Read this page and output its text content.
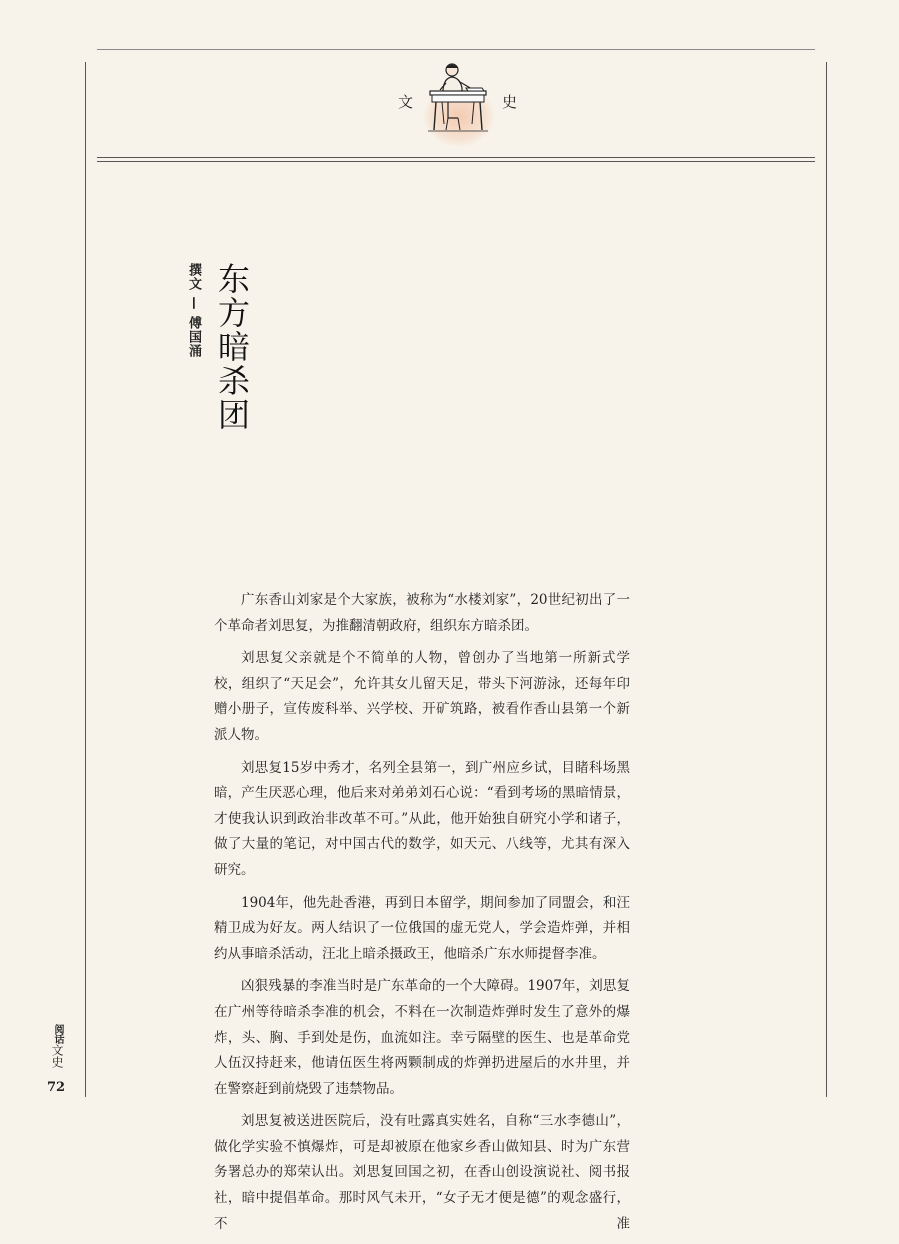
文	史
撰文 — 傅国涌 东方暗杀团

广东香山刘家是个大家族，被称为“水楼刘家”，20世纪初出了一个革命者刘思复，为推翻清朝政府，组织东方暗杀团。

刘思复父亲就是个不简单的人物，曾创办了当地第一所新式学校，组织了“天足会”，允许其女儿留天足，带头下河游泳，还每年印赠小册子，宣传废科举、兴学校、开矿筑路，被看作香山县第一个新派人物。

刘思复15岁中秀才，名列全县第一，到广州应乡试，目睹科场黑暗，产生厌恶心理，他后来对弟弟刘石心说：“看到考场的黑暗情景，才使我认识到政治非改革不可。”从此，他开始独自研究小学和诸子，做了大量的笔记，对中国古代的数学，如天元、八线等，尤其有深入研究。

1904年，他先赴香港，再到日本留学，期间参加了同盟会，和汪精卫成为好友。两人结识了一位俄国的虚无党人，学会造炸弹，并相约从事暗杀活动，汪北上暗杀摄政王，他暗杀广东水师提督李准。

凶狠残暴的李准当时是广东革命的一个大障碍。1907年，刘思复在广州等待暗杀李准的机会，不料在一次制造炸弹时发生了意外的爆炸，头、胸、手到处是伤，血流如注。幸亏隔壁的医生、也是革命党人伍汉持赶来，他请伍医生将两颗制成的炸弹扔进屋后的水井里，并在警察赶到前烧毁了违禁物品。

刘思复被送进医院后，没有吐露真实姓名，自称“三水李德山”，做化学实验不慎爆炸，可是却被原在他家乡香山做知县、时为广东营务署总办的郑荣认出。刘思复回国之初，在香山创设演说社、阅书报社，暗中提倡革命。那时风气未开，“女子无才便是德”的观念盛行，不准

阅话文史
72
